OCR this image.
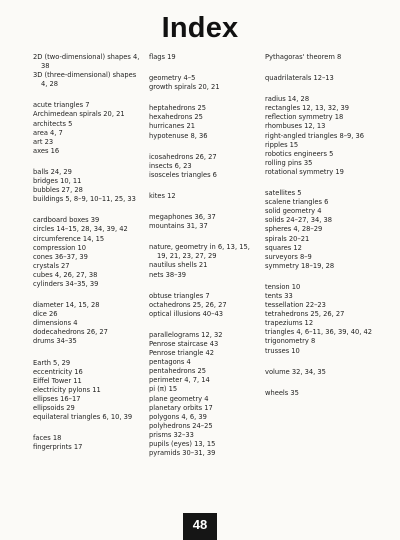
Index
2D (two-dimensional) shapes 4, 38
3D (three-dimensional) shapes 4, 28
acute triangles 7
Archimedean spirals 20, 21
architects 5
area 4, 7
art 23
axes 16
balls 24, 29
bridges 10, 11
bubbles 27, 28
buildings 5, 8–9, 10–11, 25, 33
cardboard boxes 39
circles 14–15, 28, 34, 39, 42
circumference 14, 15
compression 10
cones 36–37, 39
crystals 27
cubes 4, 26, 27, 38
cylinders 34–35, 39
diameter 14, 15, 28
dice 26
dimensions 4
dodecahedrons 26, 27
drums 34–35
Earth 5, 29
eccentricity 16
Eiffel Tower 11
electricity pylons 11
ellipses 16–17
ellipsoids 29
equilateral triangles 6, 10, 39
faces 18
fingerprints 17
flags 19
geometry 4–5
growth spirals 20, 21
heptahedrons 25
hexahedrons 25
hurricanes 21
hypotenuse 8, 36
icosahedrons 26, 27
insects 6, 23
isosceles triangles 6
kites 12
megaphones 36, 37
mountains 31, 37
nature, geometry in 6, 13, 15, 19, 21, 23, 27, 29
nautilus shells 21
nets 38–39
obtuse triangles 7
octahedrons 25, 26, 27
optical illusions 40–43
parallelograms 12, 32
Penrose staircase 43
Penrose triangle 42
pentagons 4
pentahedrons 25
perimeter 4, 7, 14
pi (π) 15
plane geometry 4
planetary orbits 17
polygons 4, 6, 39
polyhedrons 24–25
prisms 32–33
pupils (eyes) 13, 15
pyramids 30–31, 39
Pythagoras' theorem 8
quadrilaterals 12–13
radius 14, 28
rectangles 12, 13, 32, 39
reflection symmetry 18
rhombuses 12, 13
right-angled triangles 8–9, 36
ripples 15
robotics engineers 5
rolling pins 35
rotational symmetry 19
satellites 5
scalene triangles 6
solid geometry 4
solids 24–27, 34, 38
spheres 4, 28–29
spirals 20–21
squares 12
surveyors 8–9
symmetry 18–19, 28
tension 10
tents 33
tessellation 22–23
tetrahedrons 25, 26, 27
trapeziums 12
triangles 4, 6–11, 36, 39, 40, 42
trigonometry 8
trusses 10
volume 32, 34, 35
wheels 35
48
